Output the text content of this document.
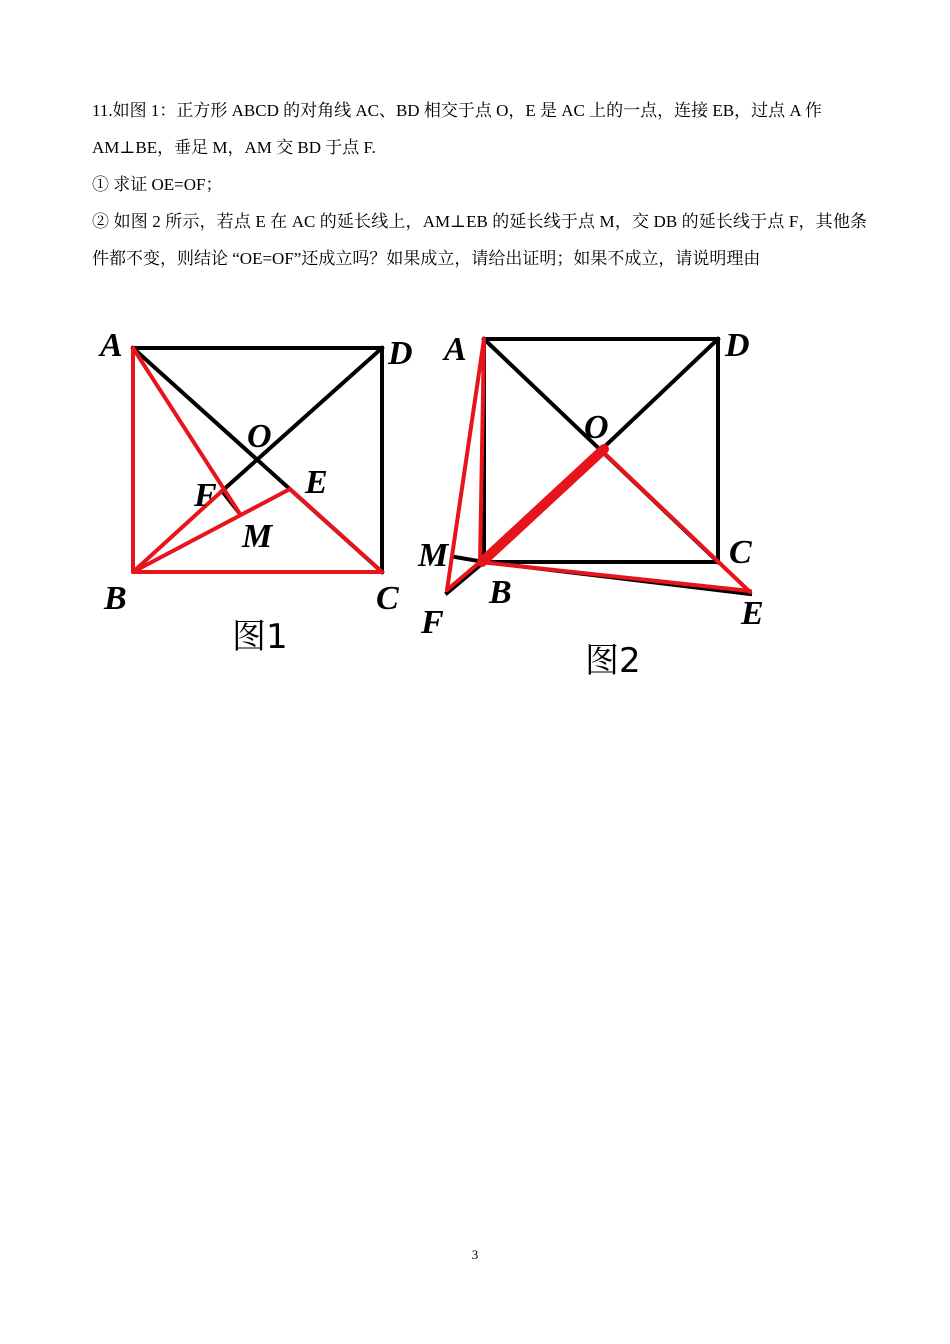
11.如图 1：正方形 ABCD 的对角线 AC、BD 相交于点 O，E 是 AC 上的一点，连接 EB，过点 A 作

AM⊥BE，垂足 M，AM 交 BD 于点 F.

① 求证 OE=OF；

② 如图 2 所示，若点 E 在 AC 的延长线上，AM⊥EB 的延长线于点 M，交 DB 的延长线于点 F，其他条件都不变，则结论 “OE=OF”还成立吗？如果成立，请给出证明；如果不成立，请说明理由

A	D
O
F	E
M
B	C
图1
A	D
O
M	C
B
F	E
图2
3
